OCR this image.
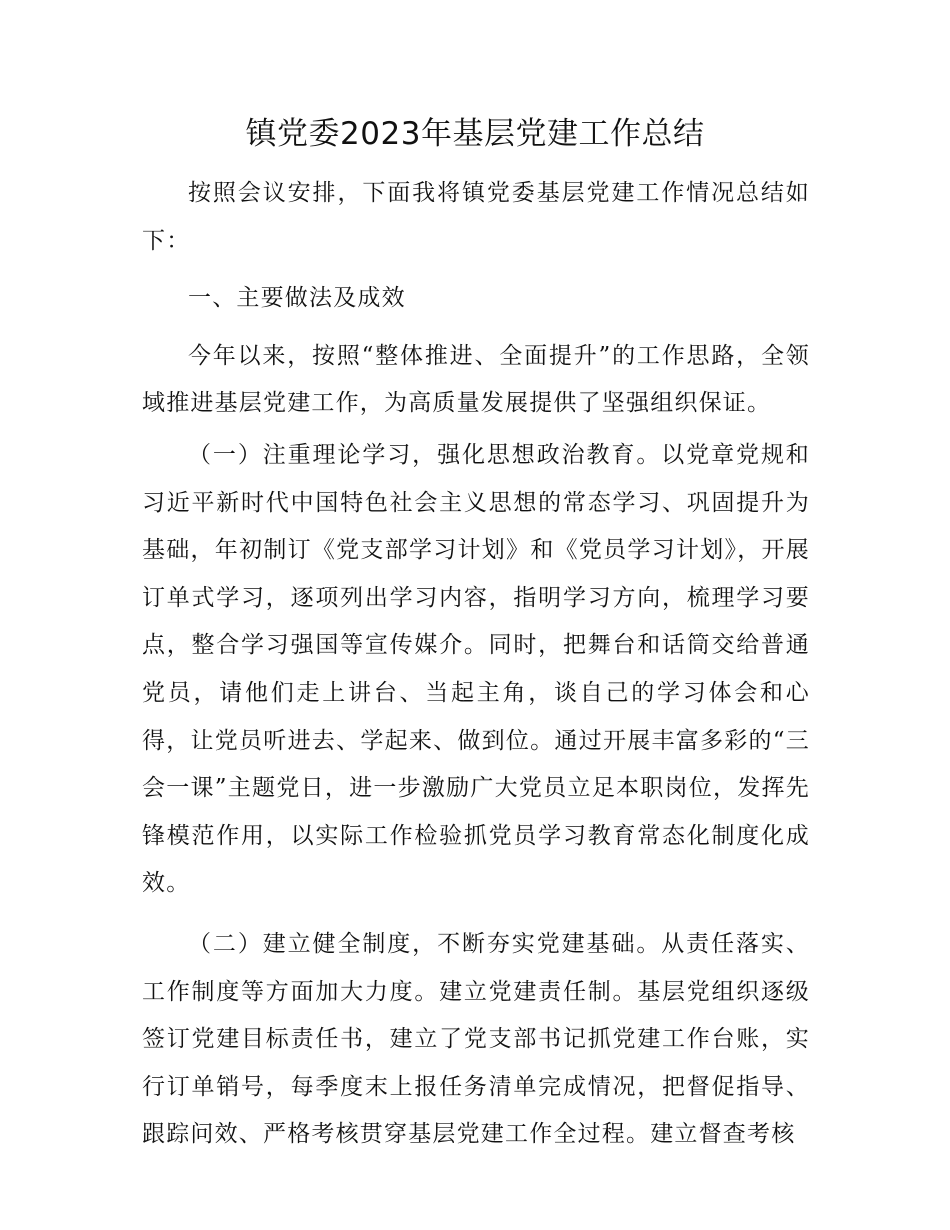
镇党委2023年基层党建工作总结

按照会议安排，下面我将镇党委基层党建工作情况总结如下：

一、主要做法及成效

今年以来，按照“整体推进、全面提升”的工作思路，全领域推进基层党建工作，为高质量发展提供了坚强组织保证。

（一）注重理论学习，强化思想政治教育。以党章党规和习近平新时代中国特色社会主义思想的常态学习、巩固提升为基础，年初制订《党支部学习计划》和《党员学习计划》，开展订单式学习，逐项列出学习内容，指明学习方向，梳理学习要点，整合学习强国等宣传媒介。同时，把舞台和话筒交给普通党员，请他们走上讲台、当起主角，谈自己的学习体会和心得，让党员听进去、学起来、做到位。通过开展丰富多彩的“三会一课”主题党日，进一步激励广大党员立足本职岗位，发挥先锋模范作用，以实际工作检验抓党员学习教育常态化制度化成效。

（二）建立健全制度，不断夯实党建基础。从责任落实、工作制度等方面加大力度。建立党建责任制。基层党组织逐级签订党建目标责任书，建立了党支部书记抓党建工作台账，实行订单销号，每季度末上报任务清单完成情况，把督促指导、跟踪问效、严格考核贯穿基层党建工作全过程。建立督查考核
